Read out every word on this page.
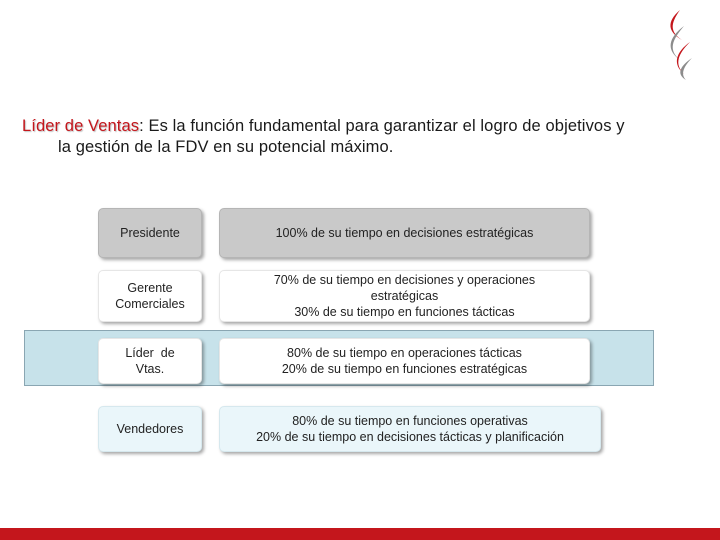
Líder de Ventas: Es la función fundamental para garantizar el logro de objetivos y
la gestión de la FDV en su potencial máximo.

Presidente	100% de su tiempo en decisiones estratégicas
Gerente
Comerciales
70% de su tiempo en decisiones y operaciones
estratégicas
30% de su tiempo en funciones tácticas
Líder  de
Vtas.
80% de su tiempo en operaciones tácticas
20% de su tiempo en funciones estratégicas
Vendedores
80% de su tiempo en funciones operativas
20% de su tiempo en decisiones tácticas y planificación
